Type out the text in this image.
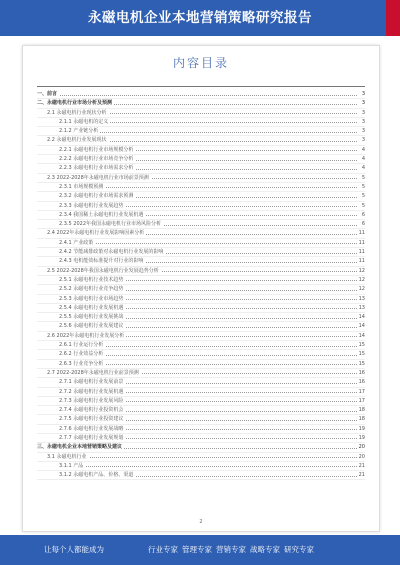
永磁电机企业本地营销策略研究报告
内容目录
一、前言	3
二、永磁电机行业市场分析及预测	3
2.1 永磁电机行业现状分析	3
2.1.1 永磁电机的定义	3
2.1.2 产业链分析	3
2.2 永磁电机行业发展现状	3
2.2.1 永磁电机行业市场规模分析	4
2.2.2 永磁电机行业市场竞争分析	4
2.2.3 永磁电机行业市场需求分析	4
2.3 2022-2028年永磁电机行业市场前景预测	5
2.3.1 市场规模预测	5
2.3.2 永磁电机行业市场需求预测	5
2.3.3 永磁电机行业发展趋势	5
2.3.4 我国稀土永磁电机行业发展机遇	6
2.3.5 2022年我国永磁电机行业市场风险分析	6
2.4 2022年永磁电机行业发展影响因素分析	11
2.4.1 产业政策	11
2.4.2 节能减排政策对永磁电机行业发展的影响	11
2.4.3 电机能效标准提升对行业的影响	11
2.5 2022-2028年我国永磁电机行业发展趋势分析	12
2.5.1 永磁电机行业技术趋势	12
2.5.2 永磁电机行业竞争趋势	12
2.5.3 永磁电机行业市场趋势	13
2.5.4 永磁电机行业发展机遇	13
2.5.5 永磁电机行业发展挑战	14
2.5.6 永磁电机行业发展建议	14
2.6 2022年永磁电机行业发展分析	14
2.6.1 行业运行分析	15
2.6.2 行业效益分析	15
2.6.3 行业竞争分析	15
2.7 2022-2028年永磁电机行业前景预测	16
2.7.1 永磁电机行业发展前景	16
2.7.2 永磁电机行业发展机遇	17
2.7.3 永磁电机行业发展风险	17
2.7.4 永磁电机行业投资机会	18
2.7.5 永磁电机行业投资建议	18
2.7.6 永磁电机行业发展战略	19
2.7.7 永磁电机行业发展规划	19
三、永磁电机企业本地营销策略及建议	20
3.1 永磁电机行业	20
3.1.1 产品	21
3.1.2 永磁电机产品、价格、渠道	21
2
让每个人都能成为	行业专家 管理专家 营销专家 战略专家 研究专家
